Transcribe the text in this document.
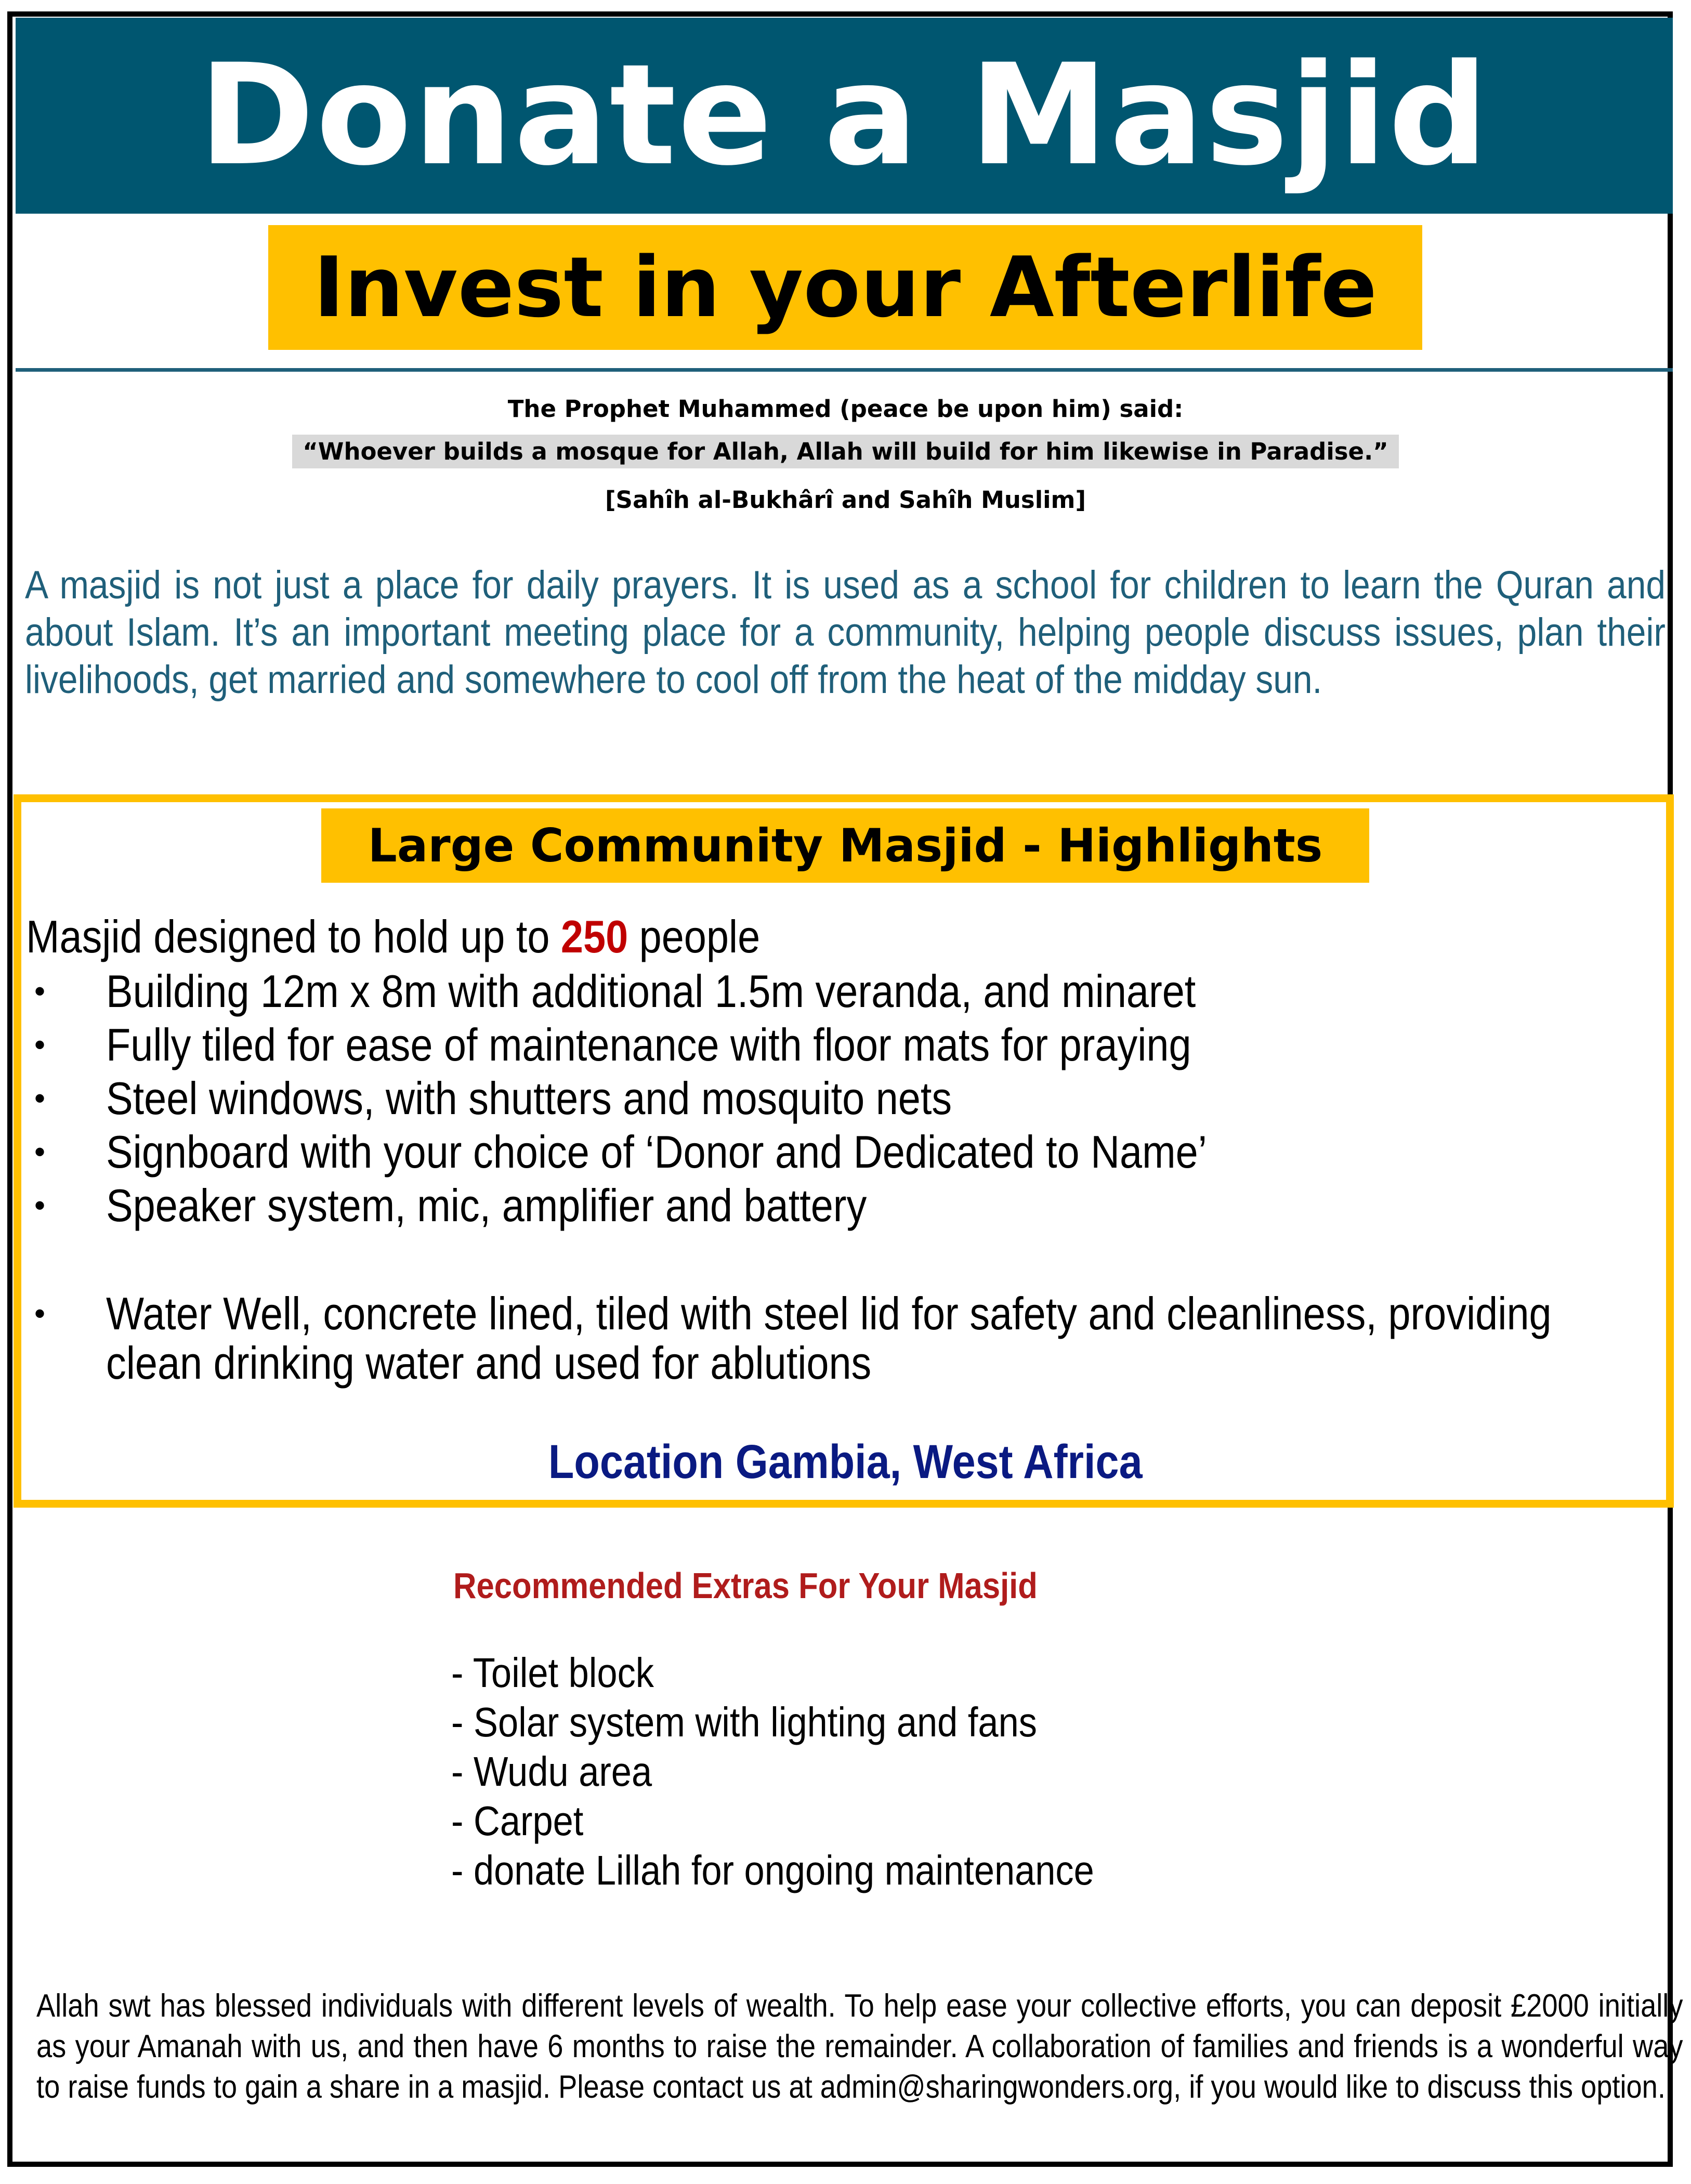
Donate a Masjid
Invest in your Afterlife
The Prophet Muhammed (peace be upon him) said:
“Whoever builds a mosque for Allah, Allah will build for him likewise in Paradise.”
[Sahîh al-Bukhârî and Sahîh Muslim]
A masjid is not just a place for daily prayers. It is used as a school for children to learn the Quran and about Islam. It’s an important meeting place for a community, helping people discuss issues, plan their livelihoods, get married and somewhere to cool off from the heat of the midday sun.
Large Community Masjid - Highlights
Masjid designed to hold up to 250 people
• Building 12m x 8m with additional 1.5m veranda, and minaret
• Fully tiled for ease of maintenance with floor mats for praying
• Steel windows, with shutters and mosquito nets
• Signboard with your choice of ‘Donor and Dedicated to Name’
• Speaker system, mic, amplifier and battery
• Water Well, concrete lined, tiled with steel lid for safety and cleanliness, providing
clean drinking water and used for ablutions
Location Gambia, West Africa
Recommended Extras For Your Masjid
- Toilet block
- Solar system with lighting and fans
- Wudu area
- Carpet
- donate Lillah for ongoing maintenance
Allah swt has blessed individuals with different levels of wealth. To help ease your collective efforts, you can deposit £2000 initially as your Amanah with us, and then have 6 months to raise the remainder. A collaboration of families and friends is a wonderful way to raise funds to gain a share in a masjid. Please contact us at admin@sharingwonders.org, if you would like to discuss this option.
